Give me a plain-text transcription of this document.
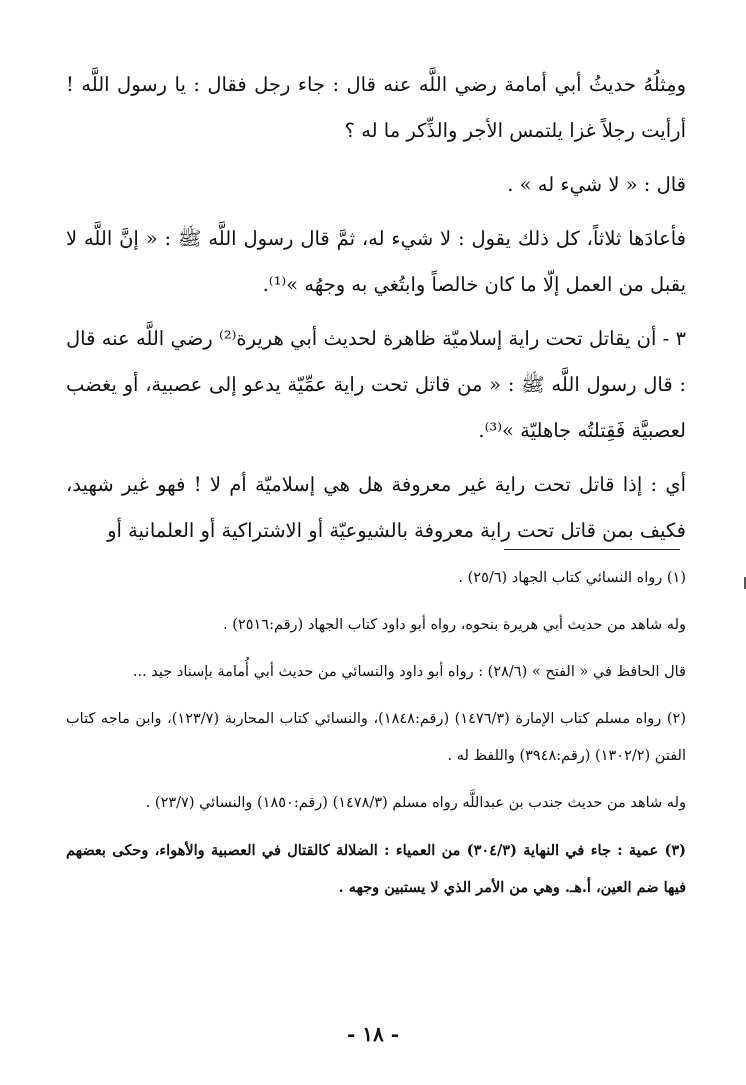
ومِثلُهُ حديثُ أبي أمامة رضي اللَّه عنه قال : جاء رجل فقال : يا رسول اللَّه ! أرأيت رجلاً غزا يلتمس الأجر والذِّكر ما له ؟

قال : « لا شيء له » .

فأعادَها ثلاثاً، كل ذلك يقول : لا شيء له، ثمَّ قال رسول اللَّه ﷺ : « إنَّ اللَّه لا يقبل من العمل إلّا ما كان خالصاً وابتُغي به وجهُه »⁽¹⁾.

٣ - أن يقاتل تحت راية إسلاميّة ظاهرة لحديث أبي هريرة⁽²⁾ رضي اللَّه عنه قال : قال رسول اللَّه ﷺ : « من قاتل تحت راية عمِّيّة يدعو إلى عصبية، أو يغضب لعصبيَّة فَقِتلتُه جاهليّة »⁽³⁾.

أي : إذا قاتل تحت راية غير معروفة هل هي إسلاميّة أم لا ! فهو غير شهيد، فكيف بمن قاتل تحت راية معروفة بالشيوعيّة أو الاشتراكية أو العلمانية أو

(١) رواه النسائي كتاب الجهاد (٢٥/٦) .

وله شاهد من حديث أبي هريرة بنحوه، رواه أبو داود كتاب الجهاد (رقم:٢٥١٦) .

قال الحافظ في « الفتح » (٢٨/٦) : رواه أبو داود والنسائي من حديث أبي أُمامة بإسناد جيد ...

(٢) رواه مسلم كتاب الإمارة (١٤٧٦/٣) (رقم:١٨٤٨)، والنسائي كتاب المحاربة (١٢٣/٧)، وابن ماجه كتاب الفتن (١٣٠٢/٢) (رقم:٣٩٤٨) واللفظ له .

وله شاهد من حديث جندب بن عبداللَّه رواه مسلم (١٤٧٨/٣) (رقم:١٨٥٠) والنسائي (٢٣/٧) .

(٣) عمية : جاء في النهاية (٣٠٤/٣) من العمياء : الضلالة كالقتال في العصبية والأهواء، وحكى بعضهم فيها ضم العين، أ.هـ. وهي من الأمر الذي لا يستبين وجهه .

- ١٨ -
